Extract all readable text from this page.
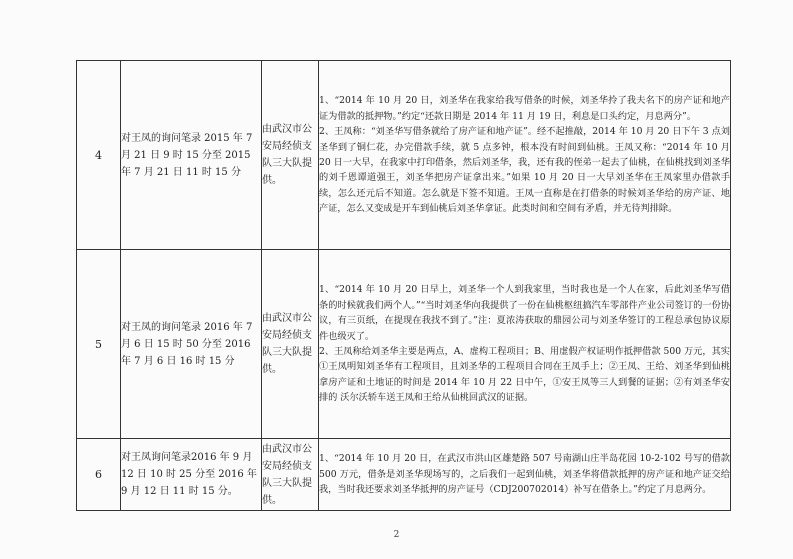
4	对王凤的询问笔录 2015 年 7 月 21 日 9 时 15 分至 2015 年 7 月 21 日 11 时 15 分	由武汉市公安局经侦支队三大队提供。	1、“2014 年 10 月 20 日，刘圣华在我家给我写借条的时候，刘圣华拎了我夫名下的房产证和地产证为借款的抵押物。”约定“还款日期是 2014 年 11 月 19 日，利息是口头约定，月息两分”。

2、王凤称：“刘圣华写借条就给了房产证和地产证”。经不起推敲，2014 年 10 月 20 日下午 3 点刘圣华到了铜仁花，办完借款手续，就 5 点多钟，根本没有时间到仙桃。王凤又称：“2014 年 10 月 20 日一大早，在我家中打印借条，然后刘圣华，我，还有我的侄弟一起去了仙桃，在仙桃找到刘圣华的刘千恩谭道强王，刘圣华把房产证拿出来。”如果 10 月 20 日一大早刘圣华在王凤家里办借款手续，怎么还元后不知道。怎么就是下签不知道。王凤一直称是在打借条的时候刘圣华给的房产证、地产证，怎么又变成是开车到仙桃后刘圣华拿证。此类时间和空间有矛盾，并无待判排除。

5	对王凤的询问笔录 2016 年 7 月 6 日 15 时 50 分至 2016 年 7 月 6 日 16 时 15 分	由武汉市公安局经侦支队三大队提供。	1、“2014 年 10 月 20 日早上，刘圣华一个人到我家里，当时我也是一个人在家，后此刘圣华写借条的时候就我们两个人。”“当时刘圣华向我提供了一份在仙桃枢纽搞汽车零部件产业公司签订的一份协议，有三页纸，在提现在我找不到了。”注：夏浓涛获取的鼎园公司与刘圣华签订的工程总承包协议原件也级灭了。

2、王凤称给刘圣华主要是两点，A、虚构工程项目；B、用虚假产权证明作抵押借款 500 万元，其实①王凤明知刘圣华有工程项目，且刘圣华的工程项目合同在王凤手上；②王凤、王给、刘圣华到仙桃拿房产证和土地证的时间是 2014 年 10 月 22 日中午，①安王凤等三人到餐的证据；②有刘圣华安排的 沃尔沃轿车送王凤和王给从仙桃回武汉的证据。

6	对王凤询问笔录2016 年 9 月 12 日 10 时 25 分至 2016 年 9 月 12 日 11 时 15 分。	由武汉市公安局经侦支队三大队提供。	1、“2014 年 10 月 20 日，在武汉市洪山区雄楚路 507 号南湖山庄半岛花园 10-2-102 号写的借款 500 万元，借条是刘圣华现场写的，之后我们一起到仙桃，刘圣华将借款抵押的房产证和地产证交给我，当时我还要求刘圣华抵押的房产证号（CDJ200702014）补写在借条上。”约定了月息两分。

2
